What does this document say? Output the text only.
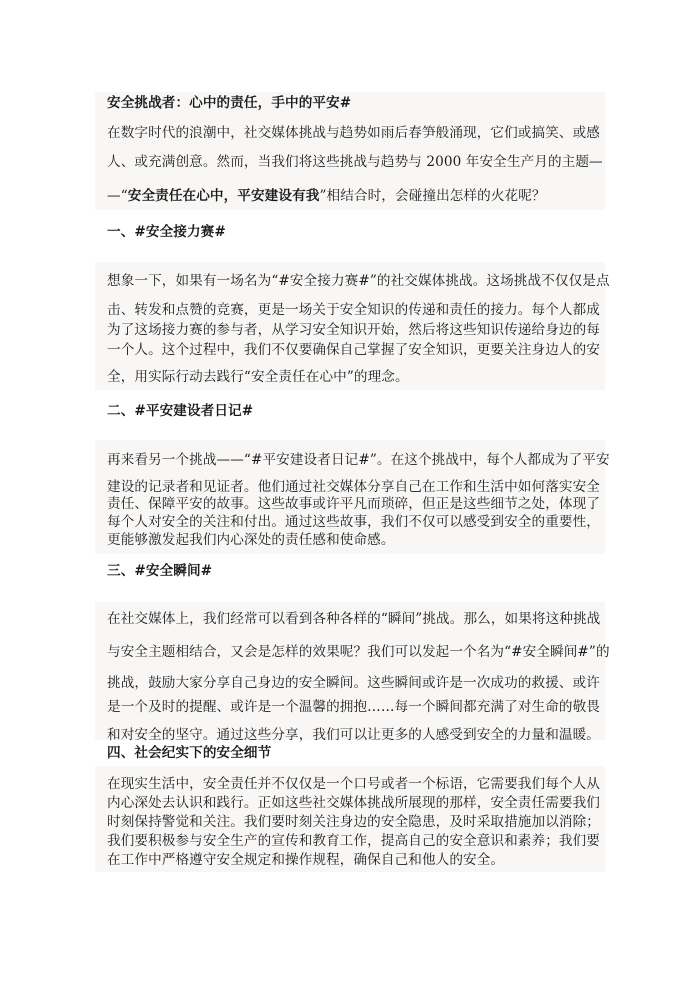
安全挑战者：心中的责任，手中的平安#
在数字时代的浪潮中，社交媒体挑战与趋势如雨后春笋般涌现，它们或搞笑、或感
人、或充满创意。然而，当我们将这些挑战与趋势与 2000 年安全生产月的主题—
—“安全责任在心中，平安建设有我”相结合时，会碰撞出怎样的火花呢？
一、#安全接力赛#
想象一下，如果有一场名为“#安全接力赛#”的社交媒体挑战。这场挑战不仅仅是点
击、转发和点赞的竞赛，更是一场关于安全知识的传递和责任的接力。每个人都成
为了这场接力赛的参与者，从学习安全知识开始，然后将这些知识传递给身边的每
一个人。这个过程中，我们不仅要确保自己掌握了安全知识，更要关注身边人的安
全，用实际行动去践行“安全责任在心中”的理念。
二、#平安建设者日记#
再来看另一个挑战——“#平安建设者日记#”。在这个挑战中，每个人都成为了平安
建设的记录者和见证者。他们通过社交媒体分享自己在工作和生活中如何落实安全
责任、保障平安的故事。这些故事或许平凡而琐碎，但正是这些细节之处，体现了
每个人对安全的关注和付出。通过这些故事，我们不仅可以感受到安全的重要性，
更能够激发起我们内心深处的责任感和使命感。
三、#安全瞬间#
在社交媒体上，我们经常可以看到各种各样的“瞬间”挑战。那么，如果将这种挑战
与安全主题相结合，又会是怎样的效果呢？我们可以发起一个名为“#安全瞬间#”的
挑战，鼓励大家分享自己身边的安全瞬间。这些瞬间或许是一次成功的救援、或许
是一个及时的提醒、或许是一个温馨的拥抱……每一个瞬间都充满了对生命的敬畏
和对安全的坚守。通过这些分享，我们可以让更多的人感受到安全的力量和温暖。
四、社会纪实下的安全细节
在现实生活中，安全责任并不仅仅是一个口号或者一个标语，它需要我们每个人从
内心深处去认识和践行。正如这些社交媒体挑战所展现的那样，安全责任需要我们
时刻保持警觉和关注。我们要时刻关注身边的安全隐患，及时采取措施加以消除；
我们要积极参与安全生产的宣传和教育工作，提高自己的安全意识和素养；我们要
在工作中严格遵守安全规定和操作规程，确保自己和他人的安全。
